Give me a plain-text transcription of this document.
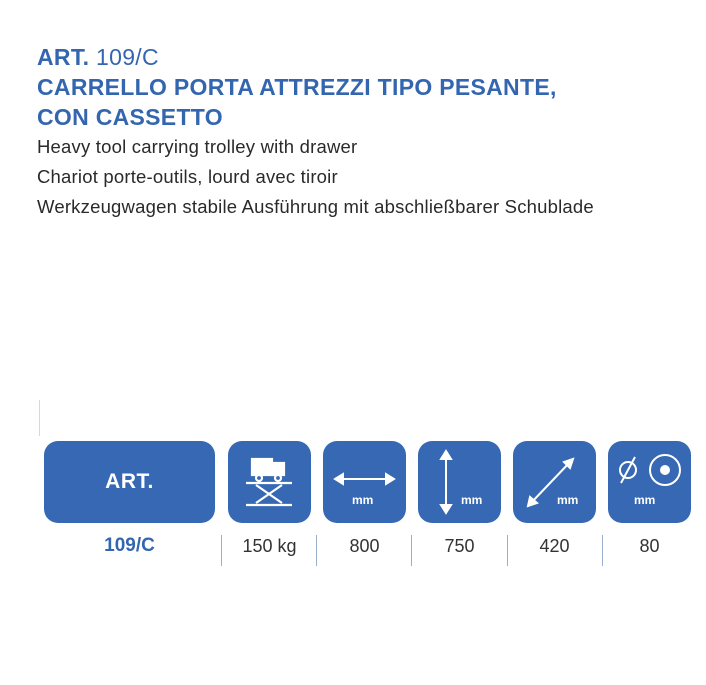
ART. 109/C
CARRELLO PORTA ATTREZZI TIPO PESANTE,
CON CASSETTO
Heavy tool carrying trolley with drawer
Chariot porte-outils, lourd avec tiroir
Werkzeugwagen stabile Ausführung mit abschließbarer Schublade
ART.
mm	mm	mm	mm
109/C	150 kg	800	750	420	80
